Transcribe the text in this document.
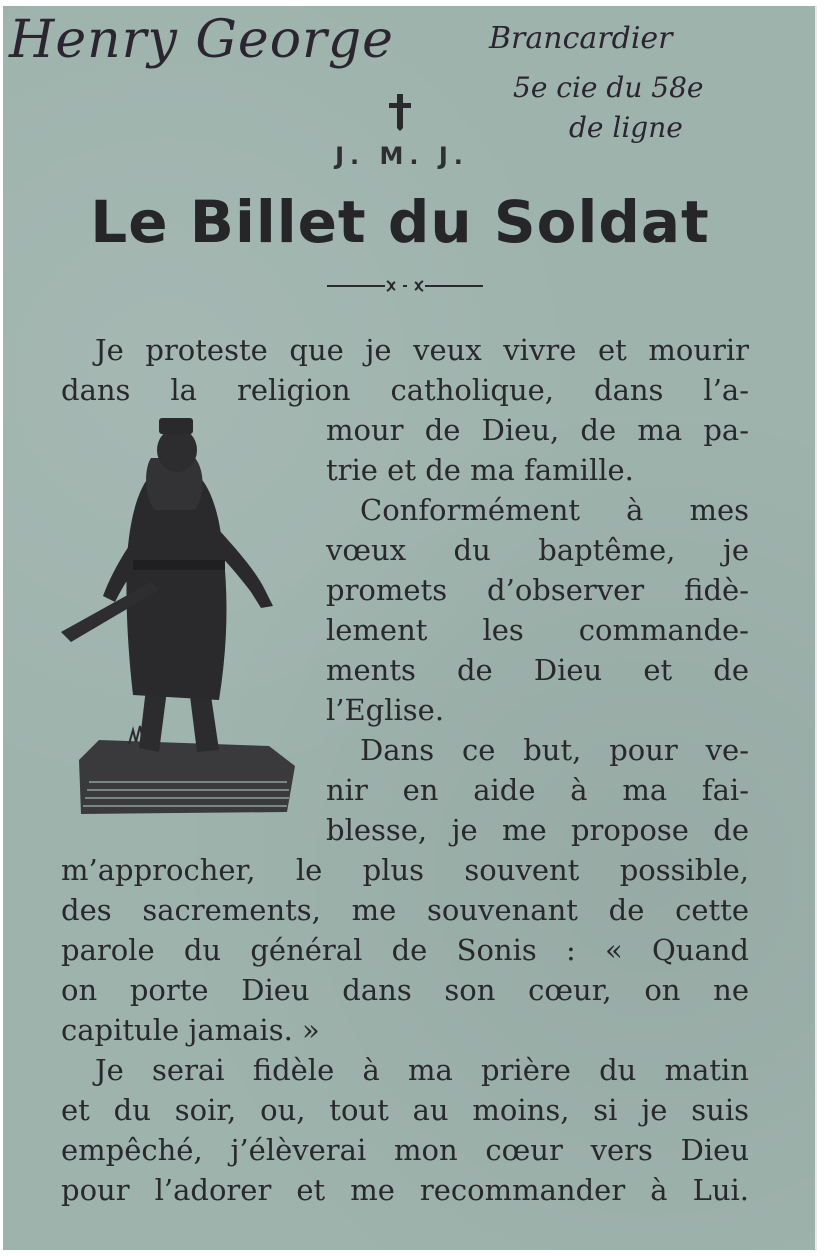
Henry George	Brancardier
5e cie du 58e
de ligne
J. M. J.
Le Billet du Soldat
Je proteste que je veux vivre et mourir
dans la religion catholique, dans l’a-
mour de Dieu, de ma pa-
trie et de ma famille.
Conformément à mes
vœux du baptême, je
promets d’observer fidè-
lement les commande-
ments de Dieu et de
l’Eglise.
Dans ce but, pour ve-
nir en aide à ma fai-
blesse, je me propose de
m’approcher, le plus souvent possible,
des sacrements, me souvenant de cette
parole du général de Sonis : « Quand
on porte Dieu dans son cœur, on ne
capitule jamais. »
Je serai fidèle à ma prière du matin
et du soir, ou, tout au moins, si je suis
empêché, j’élèverai mon cœur vers Dieu
pour l’adorer et me recommander à Lui.
